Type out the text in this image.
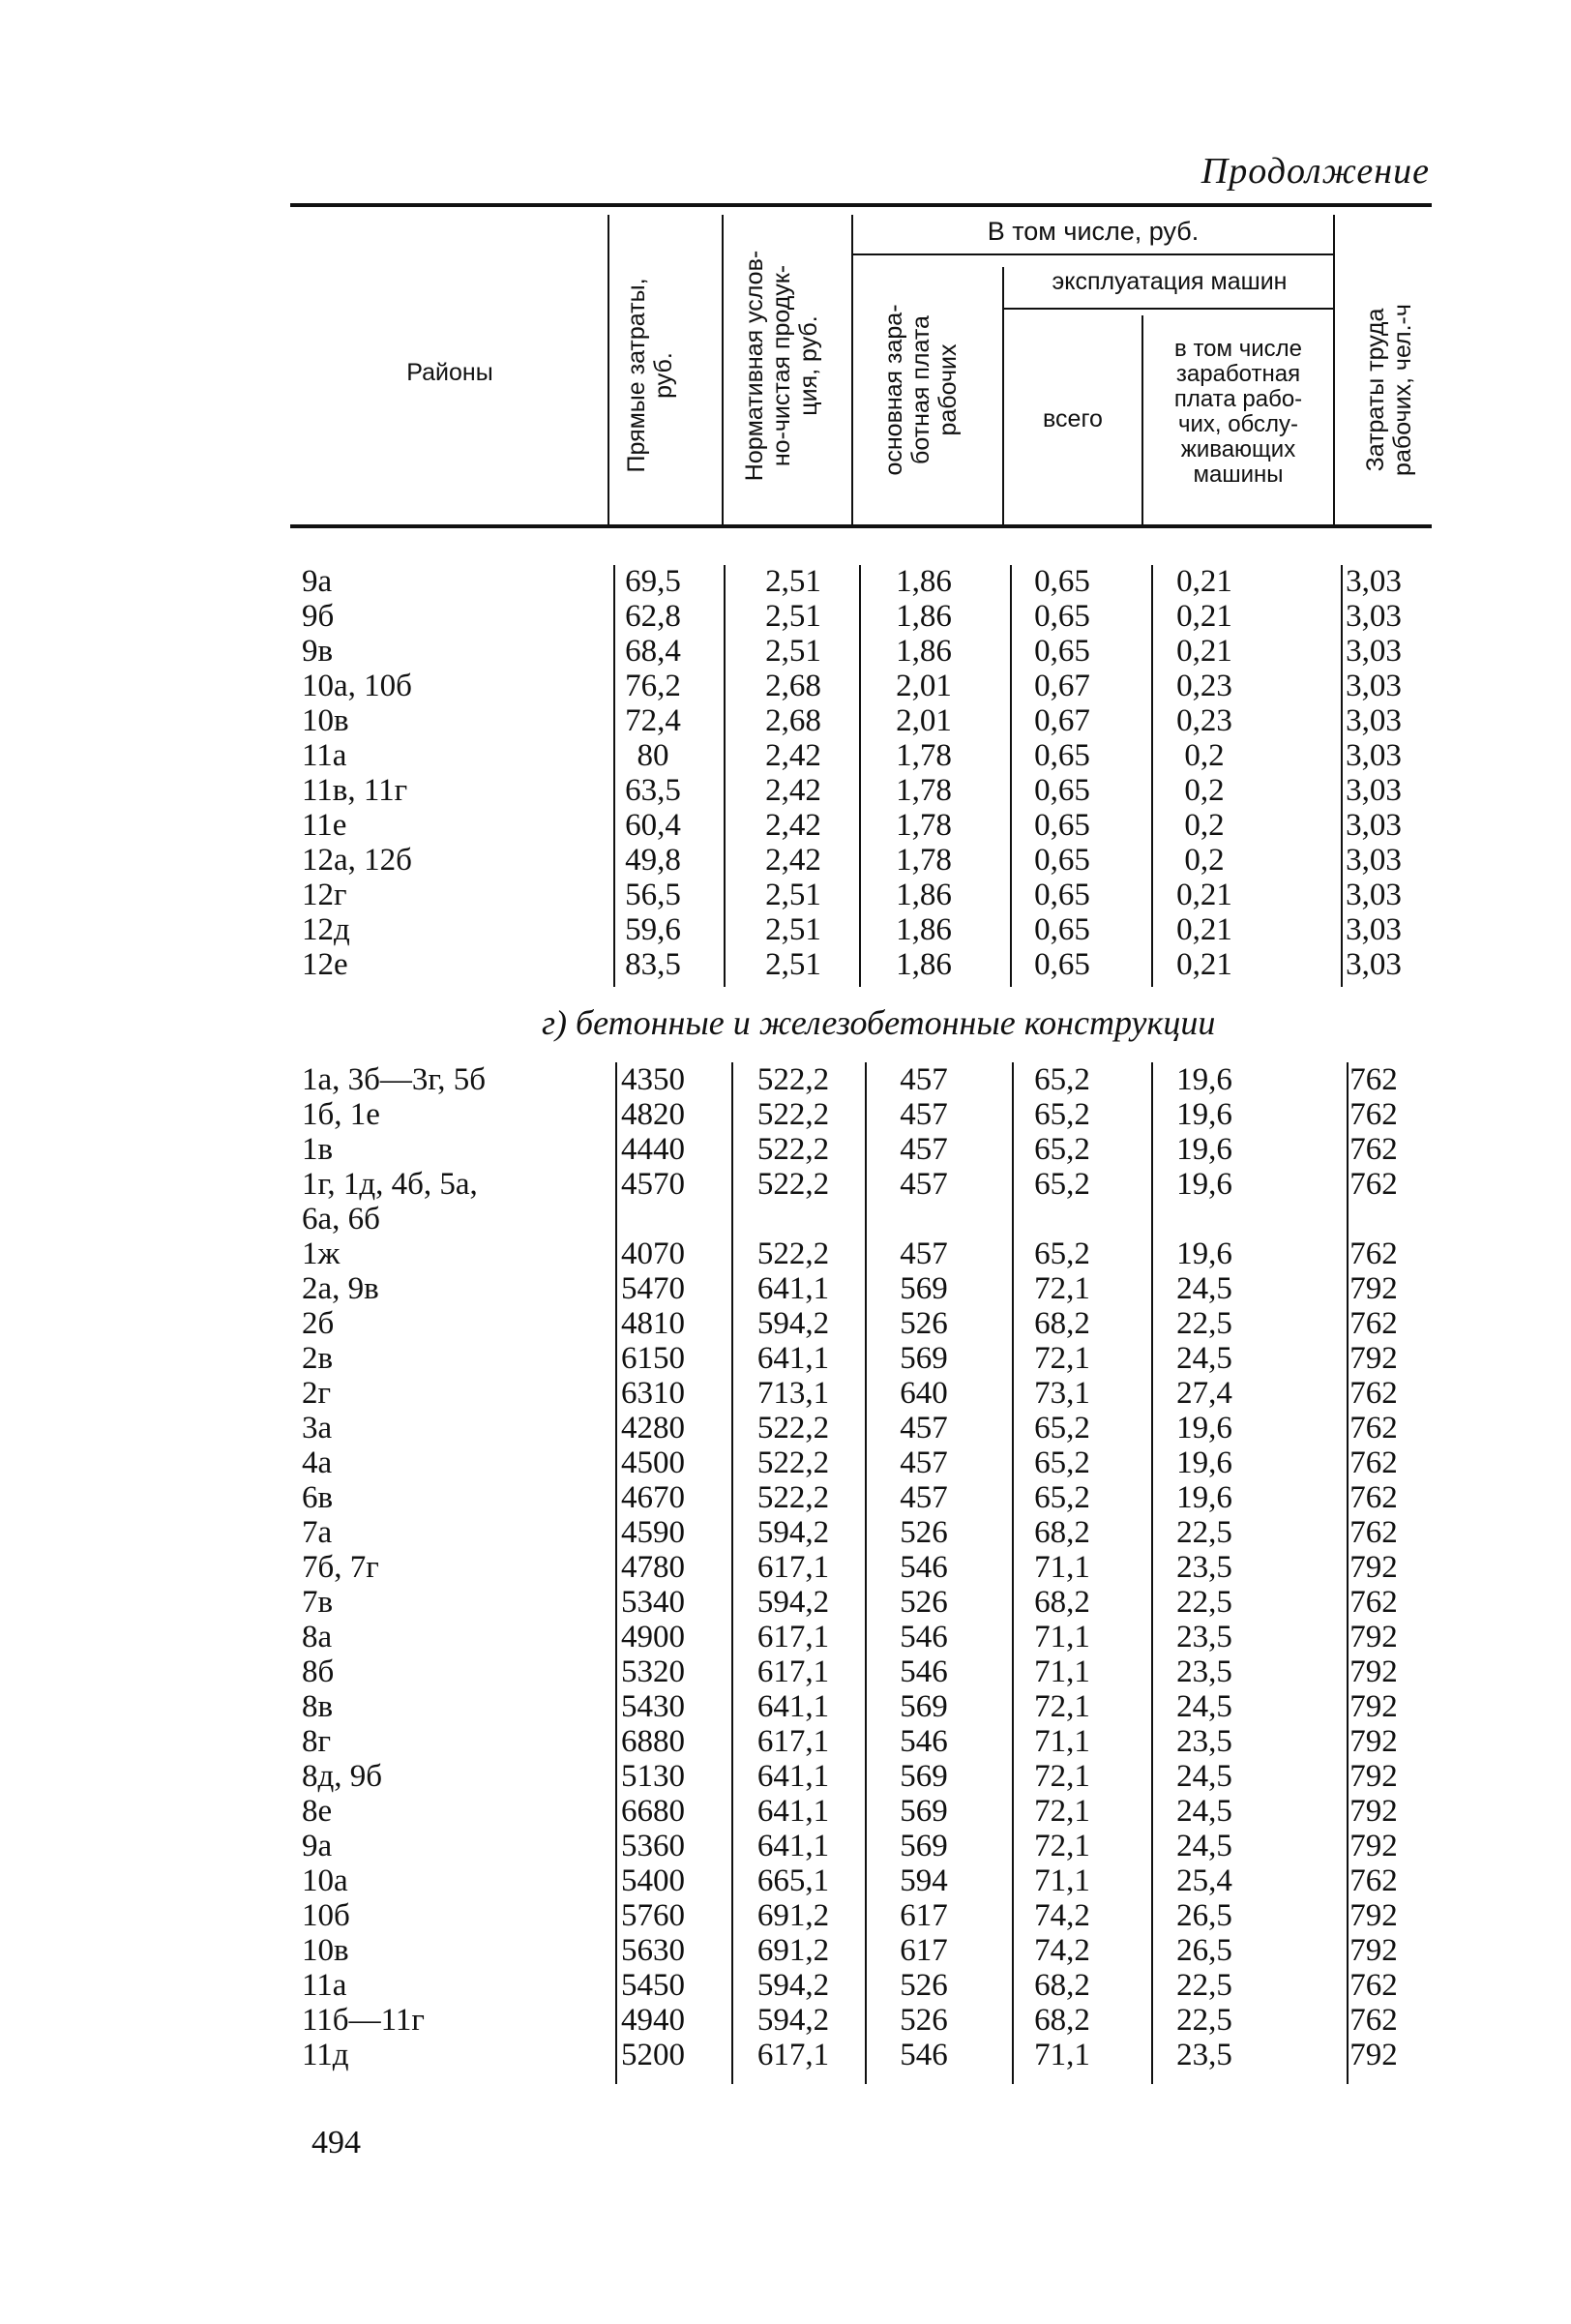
Продолжение
Районы
Прямые затраты,
руб.	Нормативная услов-
но-чистая продук-
ция, руб.
В том числе, руб.
основная зара-
ботная плата
рабочих
эксплуатация машин
всего
в том числе
заработная
плата рабо-
чих, обслу-
живающих
машины
Затраты труда
рабочих, чел.-ч
9а	69,5	2,51	1,86	0,65	0,21	3,03
9б	62,8	2,51	1,86	0,65	0,21	3,03
9в	68,4	2,51	1,86	0,65	0,21	3,03
10а, 10б	76,2	2,68	2,01	0,67	0,23	3,03
10в	72,4	2,68	2,01	0,67	0,23	3,03
11а	80	2,42	1,78	0,65	0,2	3,03
11в, 11г	63,5	2,42	1,78	0,65	0,2	3,03
11е	60,4	2,42	1,78	0,65	0,2	3,03
12а, 12б	49,8	2,42	1,78	0,65	0,2	3,03
12г	56,5	2,51	1,86	0,65	0,21	3,03
12д	59,6	2,51	1,86	0,65	0,21	3,03
12е	83,5	2,51	1,86	0,65	0,21	3,03
г) бетонные и железобетонные конструкции
1а, 3б—3г, 5б	4350	522,2	457	65,2	19,6	762
1б, 1е	4820	522,2	457	65,2	19,6	762
1в	4440	522,2	457	65,2	19,6	762
1г, 1д, 4б, 5а,	4570	522,2	457	65,2	19,6	762
6а, 6б
1ж	4070	522,2	457	65,2	19,6	762
2а, 9в	5470	641,1	569	72,1	24,5	792
2б	4810	594,2	526	68,2	22,5	762
2в	6150	641,1	569	72,1	24,5	792
2г	6310	713,1	640	73,1	27,4	762
3а	4280	522,2	457	65,2	19,6	762
4а	4500	522,2	457	65,2	19,6	762
6в	4670	522,2	457	65,2	19,6	762
7а	4590	594,2	526	68,2	22,5	762
7б, 7г	4780	617,1	546	71,1	23,5	792
7в	5340	594,2	526	68,2	22,5	762
8а	4900	617,1	546	71,1	23,5	792
8б	5320	617,1	546	71,1	23,5	792
8в	5430	641,1	569	72,1	24,5	792
8г	6880	617,1	546	71,1	23,5	792
8д, 9б	5130	641,1	569	72,1	24,5	792
8е	6680	641,1	569	72,1	24,5	792
9а	5360	641,1	569	72,1	24,5	792
10а	5400	665,1	594	71,1	25,4	762
10б	5760	691,2	617	74,2	26,5	792
10в	5630	691,2	617	74,2	26,5	792
11а	5450	594,2	526	68,2	22,5	762
11б—11г	4940	594,2	526	68,2	22,5	762
11д	5200	617,1	546	71,1	23,5	792
494
